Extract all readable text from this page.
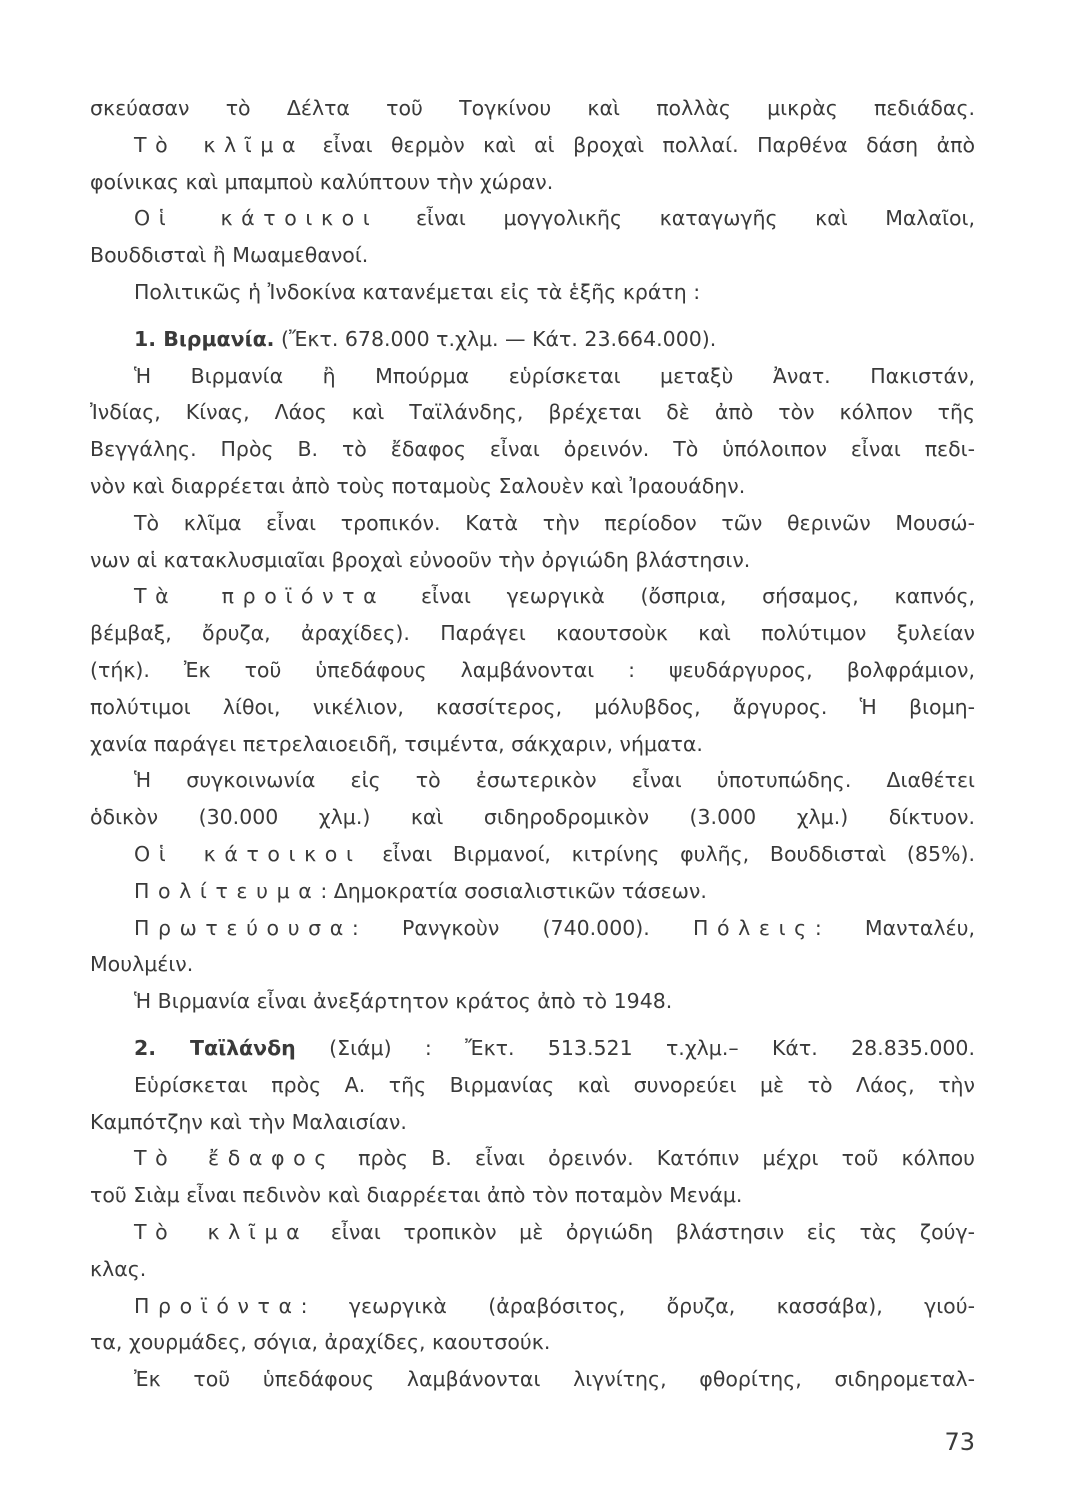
σκεύασαν τὸ Δέλτα τοῦ Τογκίνου καὶ πολλὰς μικρὰς πεδιάδας.
Τὸ κλῖμα εἶναι θερμὸν καὶ αἱ βροχαὶ πολλαί. Παρθένα δάση ἀπὸ
φοίνικας καὶ μπαμποὺ καλύπτουν τὴν χώραν.
Οἱ κάτοικοι εἶναι μογγολικῆς καταγωγῆς καὶ Μαλαῖοι,
Βουδδισταὶ ἢ Μωαμεθανοί.
Πολιτικῶς ἡ Ἰνδοκίνα κατανέμεται εἰς τὰ ἑξῆς κράτη :
1. Βιρμανία. (Ἔκτ. 678.000 τ.χλμ. — Κάτ. 23.664.000).
Ἡ Βιρμανία ἢ Μπούρμα εὑρίσκεται μεταξὺ Ἀνατ. Πακιστάν,
Ἰνδίας, Κίνας, Λάος καὶ Ταϊλάνδης, βρέχεται δὲ ἀπὸ τὸν κόλπον τῆς
Βεγγάλης. Πρὸς Β. τὸ ἔδαφος εἶναι ὀρεινόν. Τὸ ὑπόλοιπον εἶναι πεδι-
νὸν καὶ διαρρέεται ἀπὸ τοὺς ποταμοὺς Σαλουὲν καὶ Ἰραουάδην.
Τὸ κλῖμα εἶναι τροπικόν. Κατὰ τὴν περίοδον τῶν θερινῶν Μουσώ-
νων αἱ κατακλυσμιαῖαι βροχαὶ εὐνοοῦν τὴν ὀργιώδη βλάστησιν.
Τὰ προϊόντα εἶναι γεωργικὰ (ὄσπρια, σήσαμος, καπνός,
βέμβαξ, ὄρυζα, ἀραχίδες). Παράγει καουτσοὺκ καὶ πολύτιμον ξυλείαν
(τήκ). Ἐκ τοῦ ὑπεδάφους λαμβάνονται : ψευδάργυρος, βολφράμιον,
πολύτιμοι λίθοι, νικέλιον, κασσίτερος, μόλυβδος, ἄργυρος. Ἡ βιομη-
χανία παράγει πετρελαιοειδῆ, τσιμέντα, σάκχαριν, νήματα.
Ἡ συγκοινωνία εἰς τὸ ἐσωτερικὸν εἶναι ὑποτυπώδης. Διαθέτει
ὁδικὸν (30.000 χλμ.) καὶ σιδηροδρομικὸν (3.000 χλμ.) δίκτυον.
Οἱ κάτοικοι εἶναι Βιρμανοί, κιτρίνης φυλῆς, Βουδδισταὶ (85%).
Πολίτευμα: Δημοκρατία σοσιαλιστικῶν τάσεων.
Πρωτεύουσα: Ρανγκοὺν (740.000). Πόλεις: Μανταλέυ,
Μουλμέιν.
Ἡ Βιρμανία εἶναι ἀνεξάρτητον κράτος ἀπὸ τὸ 1948.
2. Ταϊλάνδη (Σιάμ) : Ἔκτ. 513.521 τ.χλμ.– Κάτ. 28.835.000.
Εὑρίσκεται πρὸς Α. τῆς Βιρμανίας καὶ συνορεύει μὲ τὸ Λάος, τὴν
Καμπότζην καὶ τὴν Μαλαισίαν.
Τὸ ἔδαφος πρὸς Β. εἶναι ὀρεινόν. Κατόπιν μέχρι τοῦ κόλπου
τοῦ Σιὰμ εἶναι πεδινὸν καὶ διαρρέεται ἀπὸ τὸν ποταμὸν Μενάμ.
Τὸ κλῖμα εἶναι τροπικὸν μὲ ὀργιώδη βλάστησιν εἰς τὰς ζούγ-
κλας.
Προϊόντα: γεωργικὰ (ἀραβόσιτος, ὄρυζα, κασσάβα), γιού-
τα, χουρμάδες, σόγια, ἀραχίδες, καουτσούκ.
Ἐκ τοῦ ὑπεδάφους λαμβάνονται λιγνίτης, φθορίτης, σιδηρομεταλ-
73
